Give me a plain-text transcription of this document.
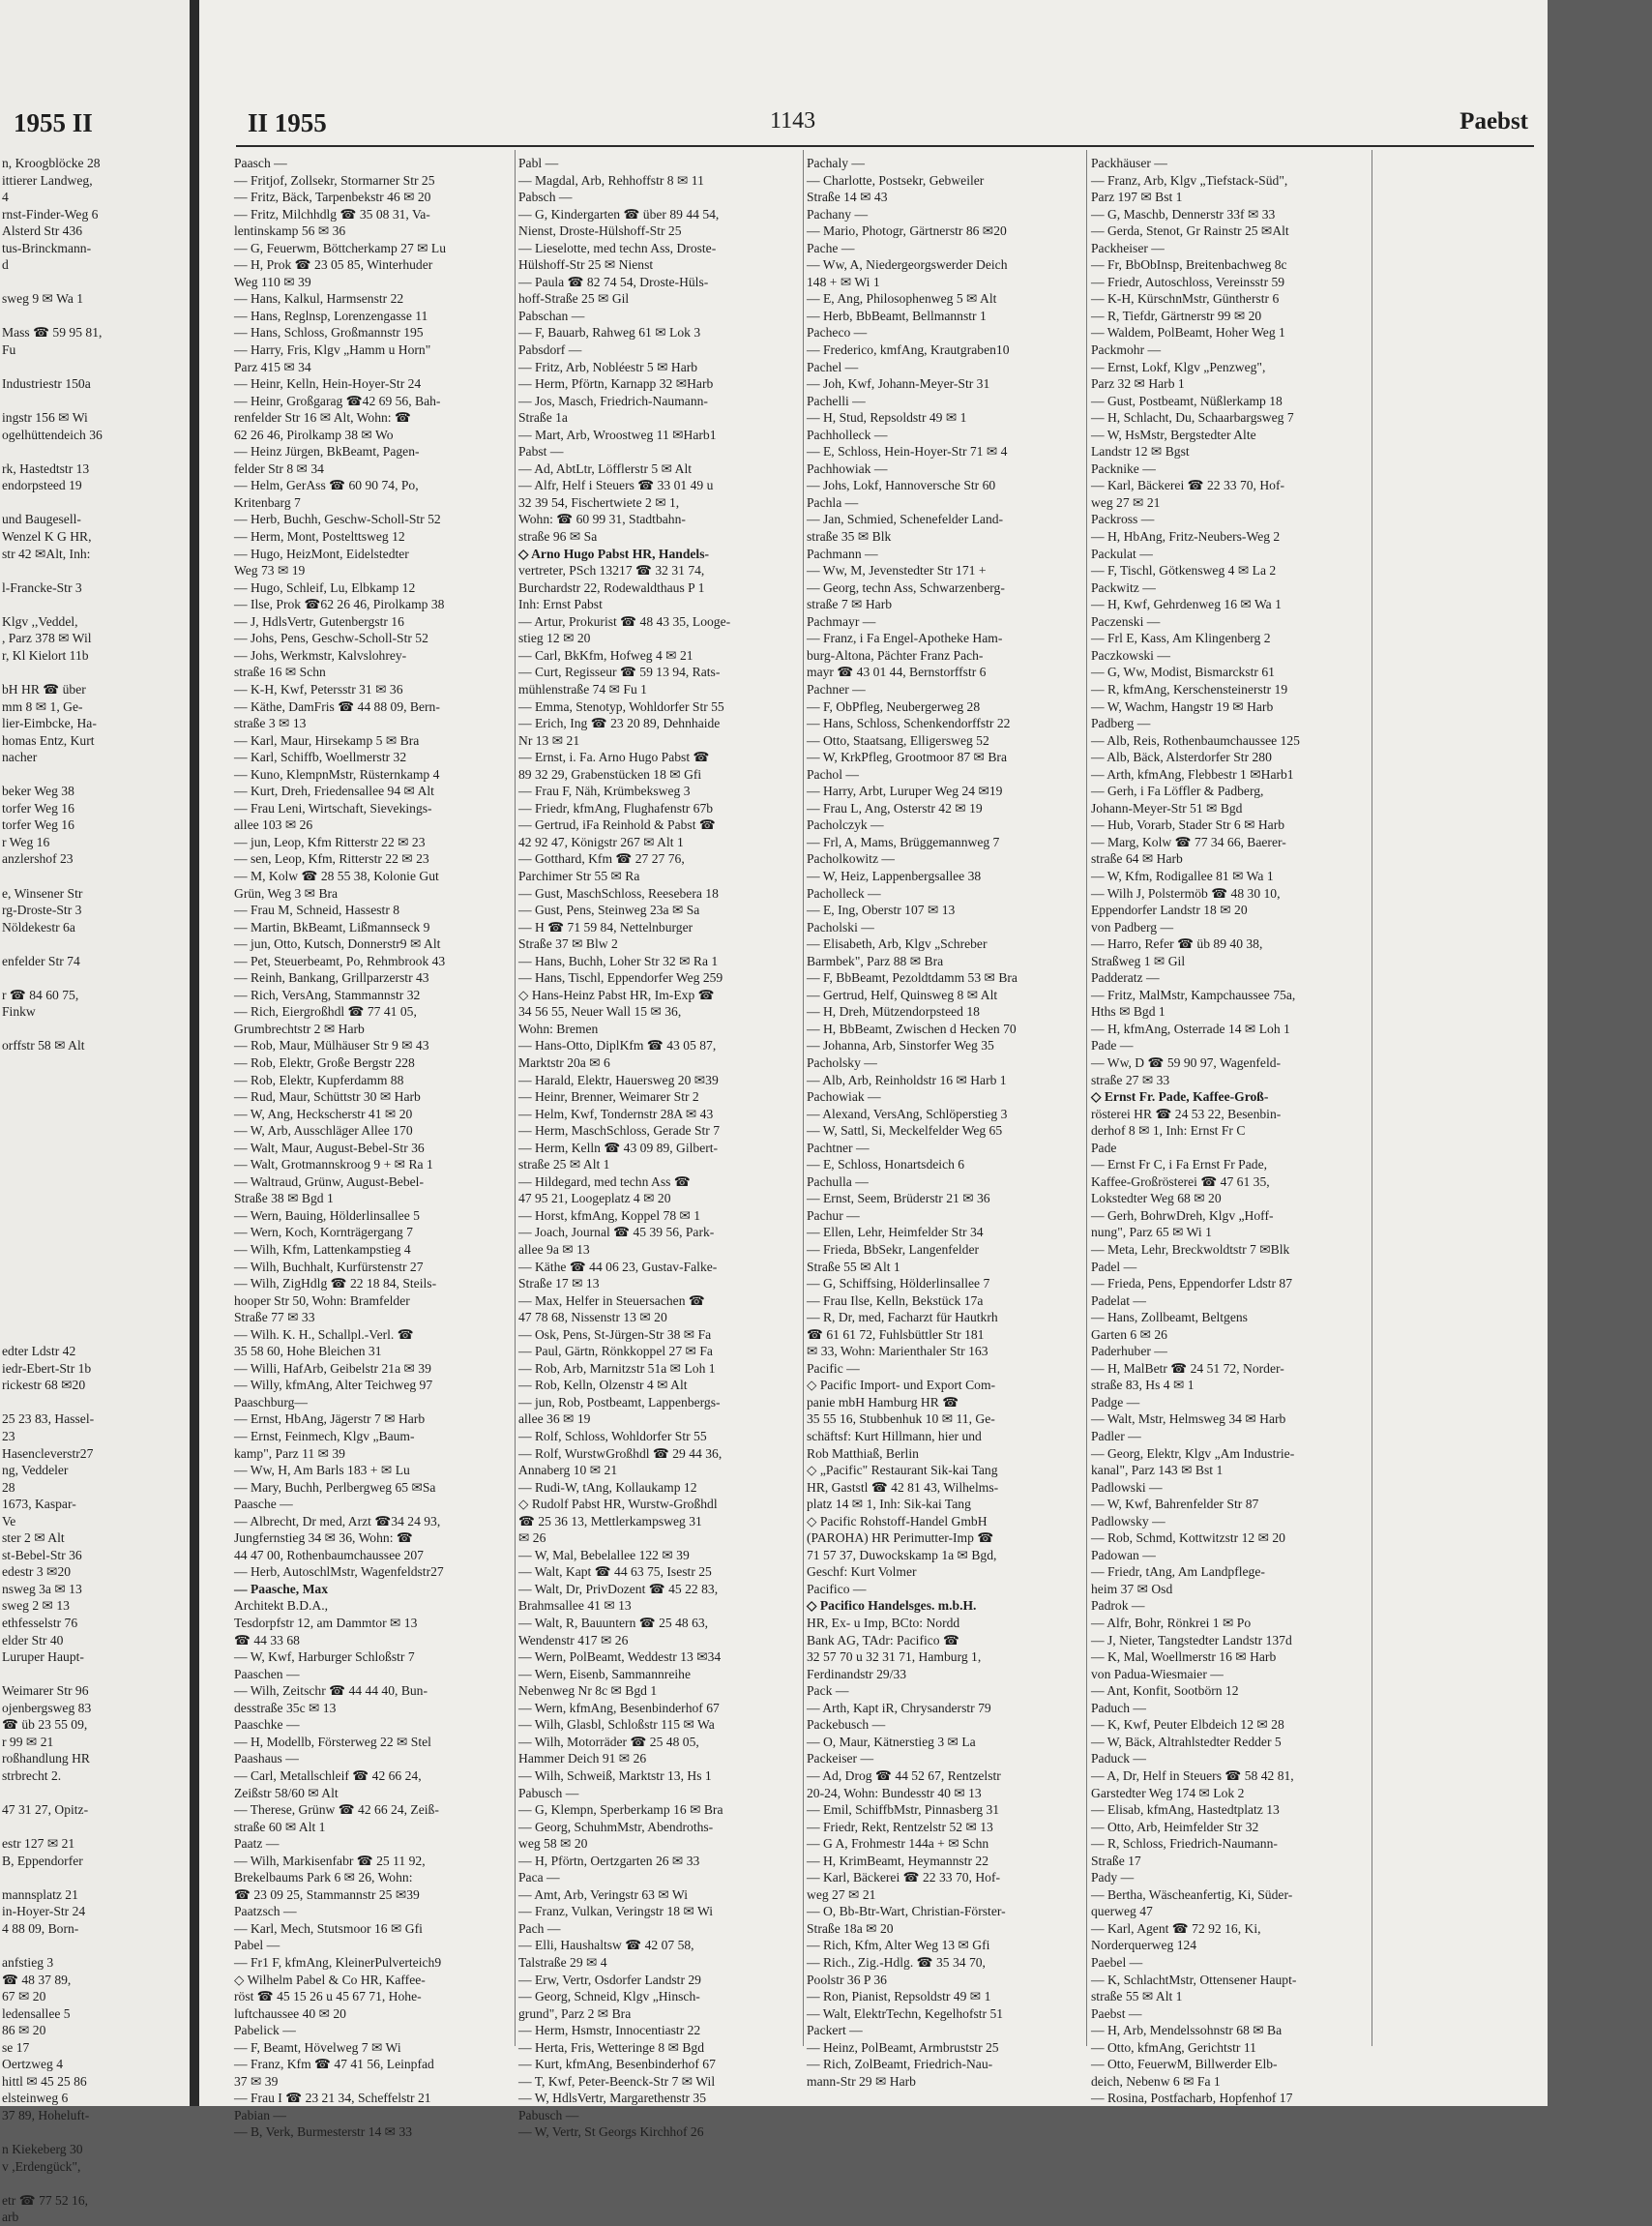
1955 II
n, Kroogblöcke 28
ittierer Landweg,
4
rnst-Finder-Weg 6
Alsterd Str 436
tus-Brinckmann-
d

sweg 9 ✉ Wa 1

Mass ☎ 59 95 81,
Fu

Industriestr 150a

ingstr 156 ✉ Wi
ogelhüttendeich 36

rk, Hastedtstr 13
endorpsteed 19

und Baugesell-
Wenzel K G HR,
str 42 ✉Alt, Inh:

l-Francke-Str 3

Klgv ,,Veddel,
, Parz 378 ✉ Wil
r, Kl Kielort 11b

bH HR ☎ über
mm 8 ✉ 1, Ge-
lier-Eimbcke, Ha-
homas Entz, Kurt
nacher

beker Weg 38
torfer Weg 16
torfer Weg 16
r Weg 16
anzlershof 23

e, Winsener Str
rg-Droste-Str 3
Nöldekestr 6a

enfelder Str 74

r ☎ 84 60 75,
Finkw

orffstr 58 ✉ Alt

edter Ldstr 42
iedr-Ebert-Str 1b
rickestr 68 ✉20

25 23 83, Hassel-
23
Hasencleverstr27
ng, Veddeler
28
1673, Kaspar-
Ve
ster 2 ✉ Alt
st-Bebel-Str 36
edestr 3 ✉20
nsweg 3a ✉ 13
sweg 2 ✉ 13
ethfesselstr 76
elder Str 40
Luruper Haupt-

Weimarer Str 96
ojenbergsweg 83
☎ üb 23 55 09,
r 99 ✉ 21
roßhandlung HR
strbrecht 2.

47 31 27, Opitz-

estr 127 ✉ 21
B, Eppendorfer

mannsplatz 21
in-Hoyer-Str 24
4 88 09, Born-

anfstieg 3
☎ 48 37 89,
67 ✉ 20
ledensallee 5
86 ✉ 20
se 17
Oertzweg 4
hittl ✉ 45 25 86
elsteinweg 6
37 89, Hoheluft-

n Kiekeberg 30
v ,Erdengück",

etr ☎ 77 52 16,
arb
II 1955	1143	Paebst
Paasch —
— Fritjof, Zollsekr, Stormarner Str 25
— Fritz, Bäck, Tarpenbekstr 46 ✉ 20
— Fritz, Milchhdlg ☎ 35 08 31, Va-
lentinskamp 56 ✉ 36
— G, Feuerwm, Böttcherkamp 27 ✉ Lu
— H, Prok ☎ 23 05 85, Winterhuder
Weg 110 ✉ 39
— Hans, Kalkul, Harmsenstr 22
— Hans, Reglnsp, Lorenzengasse 11
— Hans, Schloss, Großmannstr 195
— Harry, Fris, Klgv „Hamm u Horn"
Parz 415 ✉ 34
— Heinr, Kelln, Hein-Hoyer-Str 24
— Heinr, Großgarag ☎42 69 56, Bah-
renfelder Str 16 ✉ Alt, Wohn: ☎
62 26 46, Pirolkamp 38 ✉ Wo
— Heinz Jürgen, BkBeamt, Pagen-
felder Str 8 ✉ 34
— Helm, GerAss ☎ 60 90 74, Po,
Kritenbarg 7
— Herb, Buchh, Geschw-Scholl-Str 52
— Herm, Mont, Postelttsweg 12
— Hugo, HeizMont, Eidelstedter
Weg 73 ✉ 19
— Hugo, Schleif, Lu, Elbkamp 12
— Ilse, Prok ☎62 26 46, Pirolkamp 38
— J, HdlsVertr, Gutenbergstr 16
— Johs, Pens, Geschw-Scholl-Str 52
— Johs, Werkmstr, Kalvslohrey-
straße 16 ✉ Schn
— K-H, Kwf, Petersstr 31 ✉ 36
— Käthe, DamFris ☎ 44 88 09, Bern-
straße 3 ✉ 13
— Karl, Maur, Hirsekamp 5 ✉ Bra
— Karl, Schiffb, Woellmerstr 32
— Kuno, KlempnMstr, Rüsternkamp 4
— Kurt, Dreh, Friedensallee 94 ✉ Alt
— Frau Leni, Wirtschaft, Sievekings-
allee 103 ✉ 26
— jun, Leop, Kfm Ritterstr 22 ✉ 23
— sen, Leop, Kfm, Ritterstr 22 ✉ 23
— M, Kolw ☎ 28 55 38, Kolonie Gut
Grün, Weg 3 ✉ Bra
— Frau M, Schneid, Hassestr 8
— Martin, BkBeamt, Lißmannseck 9
— jun, Otto, Kutsch, Donnerstr9 ✉ Alt
— Pet, Steuerbeamt, Po, Rehmbrook 43
— Reinh, Bankang, Grillparzerstr 43
— Rich, VersAng, Stammannstr 32
— Rich, Eiergroßhdl ☎ 77 41 05,
Grumbrechtstr 2 ✉ Harb
— Rob, Maur, Mülhäuser Str 9 ✉ 43
— Rob, Elektr, Große Bergstr 228
— Rob, Elektr, Kupferdamm 88
— Rud, Maur, Schüttstr 30 ✉ Harb
— W, Ang, Heckscherstr 41 ✉ 20
— W, Arb, Ausschläger Allee 170
— Walt, Maur, August-Bebel-Str 36
— Walt, Grotmannskroog 9 + ✉ Ra 1
— Waltraud, Grünw, August-Bebel-
Straße 38 ✉ Bgd 1
— Wern, Bauing, Hölderlinsallee 5
— Wern, Koch, Kornträgergang 7
— Wilh, Kfm, Lattenkampstieg 4
— Wilh, Buchhalt, Kurfürstenstr 27
— Wilh, ZigHdlg ☎ 22 18 84, Steils-
hooper Str 50, Wohn: Bramfelder
Straße 77 ✉ 33
— Wilh. K. H., Schallpl.-Verl. ☎
35 58 60, Hohe Bleichen 31
— Willi, HafArb, Geibelstr 21a ✉ 39
— Willy, kfmAng, Alter Teichweg 97
Paaschburg—
— Ernst, HbAng, Jägerstr 7 ✉ Harb
— Ernst, Feinmech, Klgv „Baum-
kamp", Parz 11 ✉ 39
— Ww, H, Am Barls 183 + ✉ Lu
— Mary, Buchh, Perlbergweg 65 ✉Sa
Paasche —
— Albrecht, Dr med, Arzt ☎34 24 93,
Jungfernstieg 34 ✉ 36, Wohn: ☎
44 47 00, Rothenbaumchaussee 207
— Herb, AutoschlMstr, Wagenfeldstr27
— Paasche, Max
Architekt B.D.A.,
Tesdorpfstr 12, am Dammtor ✉ 13
☎ 44 33 68
— W, Kwf, Harburger Schloßstr 7
Paaschen —
— Wilh, Zeitschr ☎ 44 44 40, Bun-
desstraße 35c ✉ 13
Paaschke —
— H, Modellb, Försterweg 22 ✉ Stel
Paashaus —
— Carl, Metallschleif ☎ 42 66 24,
Zeißstr 58/60 ✉ Alt
— Therese, Grünw ☎ 42 66 24, Zeiß-
straße 60 ✉ Alt 1
Paatz —
— Wilh, Markisenfabr ☎ 25 11 92,
Brekelbaums Park 6 ✉ 26, Wohn:
☎ 23 09 25, Stammannstr 25 ✉39
Paatzsch —
— Karl, Mech, Stutsmoor 16 ✉ Gfi
Pabel —
— Fr1 F, kfmAng, KleinerPulverteich9
◇ Wilhelm Pabel & Co HR, Kaffee-
röst ☎ 45 15 26 u 45 67 71, Hohe-
luftchaussee 40 ✉ 20
Pabelick —
— F, Beamt, Hövelweg 7 ✉ Wi
— Franz, Kfm ☎ 47 41 56, Leinpfad
37 ✉ 39
— Frau I ☎ 23 21 34, Scheffelstr 21
Pabian —
— B, Verk, Burmesterstr 14 ✉ 33
Pabl —
— Magdal, Arb, Rehhoffstr 8 ✉ 11
Pabsch —
— G, Kindergarten ☎ über 89 44 54,
Nienst, Droste-Hülshoff-Str 25
— Lieselotte, med techn Ass, Droste-
Hülshoff-Str 25 ✉ Nienst
— Paula ☎ 82 74 54, Droste-Hüls-
hoff-Straße 25 ✉ Gil
Pabschan —
— F, Bauarb, Rahweg 61 ✉ Lok 3
Pabsdorf —
— Fritz, Arb, Nobléestr 5 ✉ Harb
— Herm, Pförtn, Karnapp 32 ✉Harb
— Jos, Masch, Friedrich-Naumann-
Straße 1a
— Mart, Arb, Wroostweg 11 ✉Harb1
Pabst —
— Ad, AbtLtr, Löfflerstr 5 ✉ Alt
— Alfr, Helf i Steuers ☎ 33 01 49 u
32 39 54, Fischertwiete 2 ✉ 1,
Wohn: ☎ 60 99 31, Stadtbahn-
straße 96 ✉ Sa
◇ Arno Hugo Pabst HR, Handels-
vertreter, PSch 13217 ☎ 32 31 74,
Burchardstr 22, Rodewaldthaus P 1
Inh: Ernst Pabst
— Artur, Prokurist ☎ 48 43 35, Looge-
stieg 12 ✉ 20
— Carl, BkKfm, Hofweg 4 ✉ 21
— Curt, Regisseur ☎ 59 13 94, Rats-
mühlenstraße 74 ✉ Fu 1
— Emma, Stenotyp, Wohldorfer Str 55
— Erich, Ing ☎ 23 20 89, Dehnhaide
Nr 13 ✉ 21
— Ernst, i. Fa. Arno Hugo Pabst ☎
89 32 29, Grabenstücken 18 ✉ Gfi
— Frau F, Näh, Krümbeksweg 3
— Friedr, kfmAng, Flughafenstr 67b
— Gertrud, iFa Reinhold & Pabst ☎
42 92 47, Königstr 267 ✉ Alt 1
— Gotthard, Kfm ☎ 27 27 76,
Parchimer Str 55 ✉ Ra
— Gust, MaschSchloss, Reesebera 18
— Gust, Pens, Steinweg 23a ✉ Sa
— H ☎ 71 59 84, Nettelnburger
Straße 37 ✉ Blw 2
— Hans, Buchh, Loher Str 32 ✉ Ra 1
— Hans, Tischl, Eppendorfer Weg 259
◇ Hans-Heinz Pabst HR, Im-Exp ☎
34 56 55, Neuer Wall 15 ✉ 36,
Wohn: Bremen
— Hans-Otto, DiplKfm ☎ 43 05 87,
Marktstr 20a ✉ 6
— Harald, Elektr, Hauersweg 20 ✉39
— Heinr, Brenner, Weimarer Str 2
— Helm, Kwf, Tondernstr 28A ✉ 43
— Herm, MaschSchloss, Gerade Str 7
— Herm, Kelln ☎ 43 09 89, Gilbert-
straße 25 ✉ Alt 1
— Hildegard, med techn Ass ☎
47 95 21, Loogeplatz 4 ✉ 20
— Horst, kfmAng, Koppel 78 ✉ 1
— Joach, Journal ☎ 45 39 56, Park-
allee 9a ✉ 13
— Käthe ☎ 44 06 23, Gustav-Falke-
Straße 17 ✉ 13
— Max, Helfer in Steuersachen ☎
47 78 68, Nissenstr 13 ✉ 20
— Osk, Pens, St-Jürgen-Str 38 ✉ Fa
— Paul, Gärtn, Rönkkoppel 27 ✉ Fa
— Rob, Arb, Marnitzstr 51a ✉ Loh 1
— Rob, Kelln, Olzenstr 4 ✉ Alt
— jun, Rob, Postbeamt, Lappenbergs-
allee 36 ✉ 19
— Rolf, Schloss, Wohldorfer Str 55
— Rolf, WurstwGroßhdl ☎ 29 44 36,
Annaberg 10 ✉ 21
— Rudi-W, tAng, Kollaukamp 12
◇ Rudolf Pabst HR, Wurstw-Großhdl
☎ 25 36 13, Mettlerkampsweg 31
✉ 26
— W, Mal, Bebelallee 122 ✉ 39
— Walt, Kapt ☎ 44 63 75, Isestr 25
— Walt, Dr, PrivDozent ☎ 45 22 83,
Brahmsallee 41 ✉ 13
— Walt, R, Bauuntern ☎ 25 48 63,
Wendenstr 417 ✉ 26
— Wern, PolBeamt, Weddestr 13 ✉34
— Wern, Eisenb, Sammannreihe
Nebenweg Nr 8c ✉ Bgd 1
— Wern, kfmAng, Besenbinderhof 67
— Wilh, Glasbl, Schloßstr 115 ✉ Wa
— Wilh, Motorräder ☎ 25 48 05,
Hammer Deich 91 ✉ 26
— Wilh, Schweiß, Marktstr 13, Hs 1
Pabusch —
— G, Klempn, Sperberkamp 16 ✉ Bra
— Georg, SchuhmMstr, Abendroths-
weg 58 ✉ 20
— H, Pförtn, Oertzgarten 26 ✉ 33
Paca —
— Amt, Arb, Veringstr 63 ✉ Wi
— Franz, Vulkan, Veringstr 18 ✉ Wi
Pach —
— Elli, Haushaltsw ☎ 42 07 58,
Talstraße 29 ✉ 4
— Erw, Vertr, Osdorfer Landstr 29
— Georg, Schneid, Klgv „Hinsch-
grund", Parz 2 ✉ Bra
— Herm, Hsmstr, Innocentiastr 22
— Herta, Fris, Wetteringe 8 ✉ Bgd
— Kurt, kfmAng, Besenbinderhof 67
— T, Kwf, Peter-Beenck-Str 7 ✉ Wil
— W, HdlsVertr, Margarethenstr 35
Pabusch —
— W, Vertr, St Georgs Kirchhof 26
Pachaly —
— Charlotte, Postsekr, Gebweiler
Straße 14 ✉ 43
Pachany —
— Mario, Photogr, Gärtnerstr 86 ✉20
Pache —
— Ww, A, Niedergeorgswerder Deich
148 + ✉ Wi 1
— E, Ang, Philosophenweg 5 ✉ Alt
— Herb, BbBeamt, Bellmannstr 1
Pacheco —
— Frederico, kmfAng, Krautgraben10
Pachel —
— Joh, Kwf, Johann-Meyer-Str 31
Pachelli —
— H, Stud, Repsoldstr 49 ✉ 1
Pachholleck —
— E, Schloss, Hein-Hoyer-Str 71 ✉ 4
Pachhowiak —
— Johs, Lokf, Hannoversche Str 60
Pachla —
— Jan, Schmied, Schenefelder Land-
straße 35 ✉ Blk
Pachmann —
— Ww, M, Jevenstedter Str 171 +
— Georg, techn Ass, Schwarzenberg-
straße 7 ✉ Harb
Pachmayr —
— Franz, i Fa Engel-Apotheke Ham-
burg-Altona, Pächter Franz Pach-
mayr ☎ 43 01 44, Bernstorffstr 6
Pachner —
— F, ObPfleg, Neubergerweg 28
— Hans, Schloss, Schenkendorffstr 22
— Otto, Staatsang, Elligersweg 52
— W, KrkPfleg, Grootmoor 87 ✉ Bra
Pachol —
— Harry, Arbt, Luruper Weg 24 ✉19
— Frau L, Ang, Osterstr 42 ✉ 19
Pacholczyk —
— Frl, A, Mams, Brüggemannweg 7
Pacholkowitz —
— W, Heiz, Lappenbergsallee 38
Pacholleck —
— E, Ing, Oberstr 107 ✉ 13
Pacholski —
— Elisabeth, Arb, Klgv „Schreber
Barmbek", Parz 88 ✉ Bra
— F, BbBeamt, Pezoldtdamm 53 ✉ Bra
— Gertrud, Helf, Quinsweg 8 ✉ Alt
— H, Dreh, Mützendorpsteed 18
— H, BbBeamt, Zwischen d Hecken 70
— Johanna, Arb, Sinstorfer Weg 35
Pacholsky —
— Alb, Arb, Reinholdstr 16 ✉ Harb 1
Pachowiak —
— Alexand, VersAng, Schlöperstieg 3
— W, Sattl, Si, Meckelfelder Weg 65
Pachtner —
— E, Schloss, Honartsdeich 6
Pachulla —
— Ernst, Seem, Brüderstr 21 ✉ 36
Pachur —
— Ellen, Lehr, Heimfelder Str 34
— Frieda, BbSekr, Langenfelder
Straße 55 ✉ Alt 1
— G, Schiffsing, Hölderlinsallee 7
— Frau Ilse, Kelln, Bekstück 17a
— R, Dr, med, Facharzt für Hautkrh
☎ 61 61 72, Fuhlsbüttler Str 181
✉ 33, Wohn: Marienthaler Str 163
Pacific —
◇ Pacific Import- und Export Com-
panie mbH Hamburg HR ☎
35 55 16, Stubbenhuk 10 ✉ 11, Ge-
schäftsf: Kurt Hillmann, hier und
Rob Matthiaß, Berlin
◇ „Pacific" Restaurant Sik-kai Tang
HR, Gaststl ☎ 42 81 43, Wilhelms-
platz 14 ✉ 1, Inh: Sik-kai Tang
◇ Pacific Rohstoff-Handel GmbH
(PAROHA) HR Perimutter-Imp ☎
71 57 37, Duwockskamp 1a ✉ Bgd,
Geschf: Kurt Volmer
Pacifico —
◇ Pacifico Handelsges. m.b.H.
HR, Ex- u Imp, BCto: Nordd
Bank AG, TAdr: Pacifico ☎
32 57 70 u 32 31 71, Hamburg 1,
Ferdinandstr 29/33
Pack —
— Arth, Kapt iR, Chrysanderstr 79
Packebusch —
— O, Maur, Kätnerstieg 3 ✉ La
Packeiser —
— Ad, Drog ☎ 44 52 67, Rentzelstr
20-24, Wohn: Bundesstr 40 ✉ 13
— Emil, SchiffbMstr, Pinnasberg 31
— Friedr, Rekt, Rentzelstr 52 ✉ 13
— G A, Frohmestr 144a + ✉ Schn
— H, KrimBeamt, Heymannstr 22
— Karl, Bäckerei ☎ 22 33 70, Hof-
weg 27 ✉ 21
— O, Bb-Btr-Wart, Christian-Förster-
Straße 18a ✉ 20
— Rich, Kfm, Alter Weg 13 ✉ Gfi
— Rich., Zig.-Hdlg. ☎ 35 34 70,
Poolstr 36 P 36
— Ron, Pianist, Repsoldstr 49 ✉ 1
— Walt, ElektrTechn, Kegelhofstr 51
Packert —
— Heinz, PolBeamt, Armbruststr 25
— Rich, ZolBeamt, Friedrich-Nau-
mann-Str 29 ✉ Harb
Packhäuser —
— Franz, Arb, Klgv „Tiefstack-Süd",
Parz 197 ✉ Bst 1
— G, Maschb, Dennerstr 33f ✉ 33
— Gerda, Stenot, Gr Rainstr 25 ✉Alt
Packheiser —
— Fr, BbObInsp, Breitenbachweg 8c
— Friedr, Autoschloss, Vereinsstr 59
— K-H, KürschnMstr, Güntherstr 6
— R, Tiefdr, Gärtnerstr 99 ✉ 20
— Waldem, PolBeamt, Hoher Weg 1
Packmohr —
— Ernst, Lokf, Klgv „Penzweg",
Parz 32 ✉ Harb 1
— Gust, Postbeamt, Nüßlerkamp 18
— H, Schlacht, Du, Schaarbargsweg 7
— W, HsMstr, Bergstedter Alte
Landstr 12 ✉ Bgst
Packnike —
— Karl, Bäckerei ☎ 22 33 70, Hof-
weg 27 ✉ 21
Packross —
— H, HbAng, Fritz-Neubers-Weg 2
Packulat —
— F, Tischl, Götkensweg 4 ✉ La 2
Packwitz —
— H, Kwf, Gehrdenweg 16 ✉ Wa 1
Paczenski —
— Frl E, Kass, Am Klingenberg 2
Paczkowski —
— G, Ww, Modist, Bismarckstr 61
— R, kfmAng, Kerschensteinerstr 19
— W, Wachm, Hangstr 19 ✉ Harb
Padberg —
— Alb, Reis, Rothenbaumchaussee 125
— Alb, Bäck, Alsterdorfer Str 280
— Arth, kfmAng, Flebbestr 1 ✉Harb1
— Gerh, i Fa Löffler & Padberg,
Johann-Meyer-Str 51 ✉ Bgd
— Hub, Vorarb, Stader Str 6 ✉ Harb
— Marg, Kolw ☎ 77 34 66, Baerer-
straße 64 ✉ Harb
— W, Kfm, Rodigallee 81 ✉ Wa 1
— Wilh J, Polstermöb ☎ 48 30 10,
Eppendorfer Landstr 18 ✉ 20
von Padberg —
— Harro, Refer ☎ üb 89 40 38,
Straßweg 1 ✉ Gil
Padderatz —
— Fritz, MalMstr, Kampchaussee 75a,
Hths ✉ Bgd 1
— H, kfmAng, Osterrade 14 ✉ Loh 1
Pade —
— Ww, D ☎ 59 90 97, Wagenfeld-
straße 27 ✉ 33
◇ Ernst Fr. Pade, Kaffee-Groß-
rösterei HR ☎ 24 53 22, Besenbin-
derhof 8 ✉ 1, Inh: Ernst Fr C
Pade
— Ernst Fr C, i Fa Ernst Fr Pade,
Kaffee-Großrösterei ☎ 47 61 35,
Lokstedter Weg 68 ✉ 20
— Gerh, BohrwDreh, Klgv „Hoff-
nung", Parz 65 ✉ Wi 1
— Meta, Lehr, Breckwoldtstr 7 ✉Blk
Padel —
— Frieda, Pens, Eppendorfer Ldstr 87
Padelat —
— Hans, Zollbeamt, Beltgens
Garten 6 ✉ 26
Paderhuber —
— H, MalBetr ☎ 24 51 72, Norder-
straße 83, Hs 4 ✉ 1
Padge —
— Walt, Mstr, Helmsweg 34 ✉ Harb
Padler —
— Georg, Elektr, Klgv „Am Industrie-
kanal", Parz 143 ✉ Bst 1
Padlowski —
— W, Kwf, Bahrenfelder Str 87
Padlowsky —
— Rob, Schmd, Kottwitzstr 12 ✉ 20
Padowan —
— Friedr, tAng, Am Landpflege-
heim 37 ✉ Osd
Padrok —
— Alfr, Bohr, Rönkrei 1 ✉ Po
— J, Nieter, Tangstedter Landstr 137d
— K, Mal, Woellmerstr 16 ✉ Harb
von Padua-Wiesmaier —
— Ant, Konfit, Sootbörn 12
Paduch —
— K, Kwf, Peuter Elbdeich 12 ✉ 28
— W, Bäck, Altrahlstedter Redder 5
Paduck —
— A, Dr, Helf in Steuers ☎ 58 42 81,
Garstedter Weg 174 ✉ Lok 2
— Elisab, kfmAng, Hastedtplatz 13
— Otto, Arb, Heimfelder Str 32
— R, Schloss, Friedrich-Naumann-
Straße 17
Pady —
— Bertha, Wäscheanfertig, Ki, Süder-
querweg 47
— Karl, Agent ☎ 72 92 16, Ki,
Norderquerweg 124
Paebel —
— K, SchlachtMstr, Ottensener Haupt-
straße 55 ✉ Alt 1
Paebst —
— H, Arb, Mendelssohnstr 68 ✉ Ba
— Otto, kfmAng, Gerichtstr 11
— Otto, FeuerwM, Billwerder Elb-
deich, Nebenw 6 ✉ Fa 1
— Rosina, Postfacharb, Hopfenhof 17
